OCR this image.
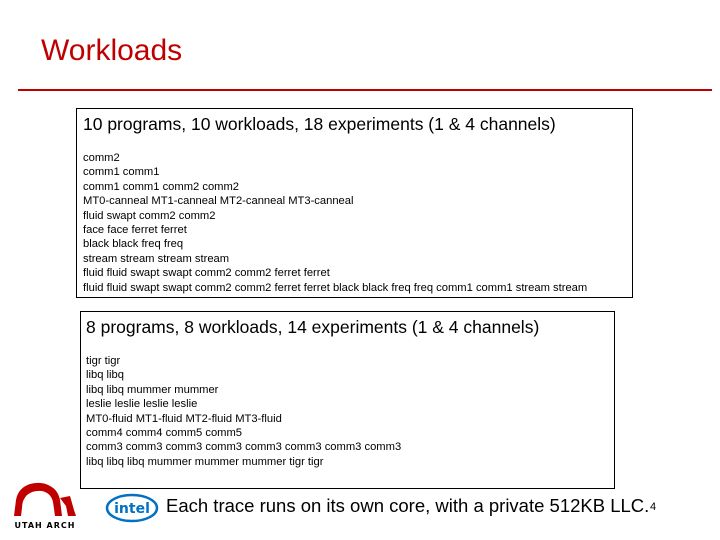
Workloads
10 programs, 10 workloads, 18 experiments (1 & 4 channels)
comm2
comm1 comm1
comm1 comm1 comm2 comm2
MT0-canneal MT1-canneal MT2-canneal MT3-canneal
fluid swapt comm2 comm2
face face ferret ferret
black black freq freq
stream stream stream stream
fluid fluid swapt swapt comm2 comm2 ferret ferret
fluid fluid swapt swapt comm2 comm2 ferret ferret black black freq freq comm1 comm1 stream stream
8 programs, 8 workloads, 14 experiments (1 & 4 channels)
tigr tigr
libq libq
libq libq mummer mummer
leslie leslie leslie leslie
MT0-fluid MT1-fluid MT2-fluid MT3-fluid
comm4 comm4 comm5 comm5
comm3 comm3 comm3 comm3 comm3 comm3 comm3 comm3
libq libq libq mummer mummer mummer tigr tigr
UTAH ARCH
intel Each trace runs on its own core, with a private 512KB LLC. 4
